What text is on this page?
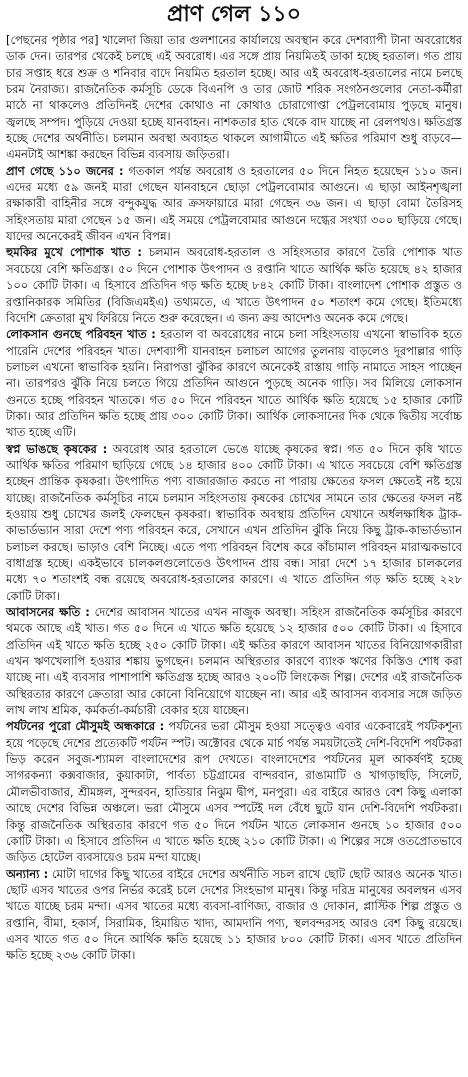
প্রাণ গেল ১১০

[পেছনের পৃষ্ঠার পর] খালেদা জিয়া তার গুলশানের কার্যালয়ে অবস্থান করে দেশব্যাপী টানা অবরোধের ডাক দেন। তারপর থেকেই চলছে এই অবরোধ। এর সঙ্গে প্রায় নিয়মিতই ডাকা হচ্ছে হরতাল। গত প্রায় চার সপ্তাহ ধরে শুক্র ও শনিবার বাদে নিয়মিত হরতাল হচ্ছে। আর এই অবরোধ-হরতালের নামে চলছে চরম নৈরাজ্য। রাজনৈতিক কর্মসূচি ডেকে বিএনপি ও তার জোট শরিক সংগঠনগুলোর নেতা-কর্মীরা মাঠে না থাকলেও প্রতিদিনই দেশের কোথাও না কোথাও চোরাগোপ্তা পেট্রলবোমায় পুড়ছে মানুষ। জ্বলছে সম্পদ। পুড়িয়ে দেওয়া হচ্ছে যানবাহন। নাশকতার হাত থেকে বাদ যাচ্ছে না রেলপথও। ক্ষতিগ্রস্ত হচ্ছে দেশের অর্থনীতি। চলমান অবস্থা অব্যাহত থাকলে আগামীতে এই ক্ষতির পরিমাণ শুধু বাড়বে— এমনটাই আশঙ্কা করছেন বিভিন্ন ব্যবসায় জড়িতরা।

প্রাণ গেছে ১১০ জনের : গতকাল পর্যন্ত অবরোধ ও হরতালের ৫০ দিনে নিহত হয়েছেন ১১০ জন। এদের মধ্যে ৫৯ জনই মারা গেছেন যানবাহনে ছোড়া পেট্রলবোমার আগুনে। এ ছাড়া আইনশৃঙ্খলা রক্ষাকারী বাহিনীর সঙ্গে বন্দুকযুদ্ধ আর ক্রসফায়ারে মারা গেছেন ৩৬ জন। এ ছাড়া বোমা তৈরিসহ সহিংসতায় মারা গেছেন ১৫ জন। এই সময়ে পেট্রলবোমার আগুনে দগ্ধের সংখ্যা ৩০০ ছাড়িয়ে গেছে। যাদের অনেকেরই জীবন এখন বিপন্ন।

হুমকির মুখে পোশাক খাত : চলমান অবরোধ-হরতাল ও সহিংসতার কারণে তৈরি পোশাক খাত সবচেয়ে বেশি ক্ষতিগ্রস্ত। ৫০ দিনে পোশাক উৎপাদন ও রপ্তানি খাতে আর্থিক ক্ষতি হয়েছে ৪২ হাজার ১০০ কোটি টাকা। এ হিসাবে প্রতিদিন গড় ক্ষতি হচ্ছে ৮৪২ কোটি টাকা। বাংলাদেশ পোশাক প্রস্তুত ও রপ্তানিকারক সমিতির (বিজিএমইএ) তথ্যমতে, এ খাতে উৎপাদন ৫০ শতাংশ কমে গেছে। ইতিমধ্যে বিদেশি ক্রেতারা মুখ ফিরিয়ে নিতে শুরু করেছেন। এ জন্য ক্রয় আদেশও অনেক কমে গেছে।

লোকসান গুনছে পরিবহন খাত : হরতাল বা অবরোধের নামে চলা সহিংসতায় এখনো স্বাভাবিক হতে পারেনি দেশের পরিবহন খাত। দেশব্যাপী যানবাহন চলাচল আগের তুলনায় বাড়লেও দূরপাল্লার গাড়ি চলাচল এখনো স্বাভাবিক হয়নি। নিরাপত্তা ঝুঁকির কারণে অনেকেই রাস্তায় গাড়ি নামাতে সাহস পাচ্ছেন না। তারপরও ঝুঁকি নিয়ে চলতে গিয়ে প্রতিদিন আগুনে পুড়ছে অনেক গাড়ি। সব মিলিয়ে লোকসান গুনতে হচ্ছে পরিবহন খাতকে। গত ৫০ দিনে পরিবহন খাতে আর্থিক ক্ষতি হয়েছে ১৫ হাজার কোটি টাকা। আর প্রতিদিন ক্ষতি হচ্ছে প্রায় ৩০০ কোটি টাকা। আর্থিক লোকসানের দিক থেকে দ্বিতীয় সর্বোচ্চ খাত হচ্ছে এটি।

স্বপ্ন ভাঙছে কৃষকের : অবরোধ আর হরতালে ভেঙে যাচ্ছে কৃষকের স্বপ্ন। গত ৫০ দিনে কৃষি খাতে আর্থিক ক্ষতির পরিমাণ ছাড়িয়ে গেছে ১৪ হাজার ৪০০ কোটি টাকা। এ খাতে সবচেয়ে বেশি ক্ষতিগ্রস্ত হচ্ছেন প্রান্তিক কৃষকরা। উৎপাদিত পণ্য বাজারজাত করতে না পারায় ক্ষেতের ফসল ক্ষেতেই নষ্ট হয়ে যাচ্ছে। রাজনৈতিক কর্মসূচির নামে চলমান সহিংসতায় কৃষকের চোখের সামনে তার ক্ষেতের ফসল নষ্ট হওয়ায় শুধু চোখের জলই ফেলছেন কৃষকরা। স্বাভাবিক অবস্থায় প্রতিদিন যেখানে অর্ধলক্ষাধিক ট্রাক-কাভার্ডভ্যান সারা দেশে পণ্য পরিবহন করে, সেখানে এখন প্রতিদিন ঝুঁকি নিয়ে কিছু ট্রাক-কাভার্ডভ্যান চলাচল করছে। ভাড়াও বেশি নিচ্ছে। এতে পণ্য পরিবহন বিশেষ করে কাঁচামাল পরিবহন মারাত্মকভাবে বাধাগ্রস্ত হচ্ছে। একইভাবে চালকলগুলোতেও উৎপাদন প্রায় বন্ধ। সারা দেশে ১৭ হাজার চালকলের মধ্যে ৭০ শতাংশই বন্ধ রয়েছে অবরোধ-হরতালের কারণে। এ খাতে প্রতিদিন গড় ক্ষতি হচ্ছে ২২৮ কোটি টাকা।

আবাসনের ক্ষতি : দেশের আবাসন খাতের এখন নাজুক অবস্থা। সহিংস রাজনৈতিক কর্মসূচির কারণে থমকে আছে এই খাত। গত ৫০ দিনে এ খাতে ক্ষতি হয়েছে ১২ হাজার ৫০০ কোটি টাকা। এ হিসাবে প্রতিদিন এই খাতে ক্ষতি হচ্ছে ২৫০ কোটি টাকা। এই ক্ষতির কারণে আবাসন খাতের বিনিয়োগকারীরা এখন ঋণখেলাপি হওয়ার শঙ্কায় ভুগছেন। চলমান অস্থিরতার কারণে ব্যাংক ঋণের কিস্তিও শোধ করা যাচ্ছে না। এই ব্যবসার পাশাপাশি ক্ষতিগ্রস্ত হচ্ছে আরও ২০০টি লিংকেজ শিল্প। দেশের এই রাজনৈতিক অস্থিরতার কারণে ক্রেতারা আর কোনো বিনিয়োগে যাচ্ছেন না। আর এই আবাসন ব্যবসার সঙ্গে জড়িত লাখ লাখ শ্রমিক, কর্মকর্তা-কর্মচারী বেকার হয়ে যাচ্ছেন।

পর্যটনের পুরো মৌসুমই অন্ধকারে : পর্যটনের ভরা মৌসুম হওয়া সত্ত্বেও এবার একেবারেই পর্যটকশূন্য হয়ে পড়েছে দেশের প্রত্যেকটি পর্যটন স্পট। অক্টোবর থেকে মার্চ পর্যন্ত সময়টাতেই দেশি-বিদেশি পর্যটকরা ভিড় করেন সবুজ-শ্যামল বাংলাদেশের রূপ দেখতে। বাংলাদেশের পর্যটনের মূল আকর্ষণই হচ্ছে সাগরকন্যা কক্সবাজার, কুয়াকাটা, পার্বত্য চট্টগ্রামের বান্দরবান, রাঙামাটি ও খাগড়াছড়ি, সিলেট, মৌলভীবাজার, শ্রীমঙ্গল, সুন্দরবন, হাতিয়ার নিঝুম দ্বীপ, মনপুরা। এর বাইরে আরও বেশ কিছু এলাকা আছে দেশের বিভিন্ন অঞ্চলে। ভরা মৌসুমে এসব স্পটেই দল বেঁধে ছুটে যান দেশি-বিদেশি পর্যটকরা। কিন্তু রাজনৈতিক অস্থিরতার কারণে গত ৫০ দিনে পর্যটন খাতে লোকসান গুনছে ১০ হাজার ৫০০ কোটি টাকা। এ হিসাবে প্রতিদিন এ খাতে ক্ষতি হচ্ছে ২১০ কোটি টাকা। এ শিল্পের সঙ্গে ওতপ্রোতভাবে জড়িত হোটেল ব্যবসায়েও চরম মন্দা যাচ্ছে।

অন্যান্য : মোটা দাগের কিছু খাতের বাইরে দেশের অর্থনীতি সচল রাখে ছোট ছোট আরও অনেক খাত। ছোট এসব খাতের ওপর নির্ভর করেই চলে দেশের সিংহভাগ মানুষ। কিন্তু দরিদ্র মানুষের অবলম্বন এসব খাতে যাচ্ছে চরম মন্দা। এসব খাতের মধ্যে ব্যবসা-বাণিজ্য, বাজার ও দোকান, প্লাস্টিক শিল্প প্রস্তুত ও রপ্তানি, বীমা, হকার্স, সিরামিক, হিমায়িত খাদ্য, আমদানি পণ্য, স্থলবন্দরসহ আরও বেশ কিছু রয়েছে। এসব খাতে গত ৫০ দিনে আর্থিক ক্ষতি হয়েছে ১১ হাজার ৮০০ কোটি টাকা। এসব খাতে প্রতিদিন ক্ষতি হচ্ছে ২৩৬ কোটি টাকা।
